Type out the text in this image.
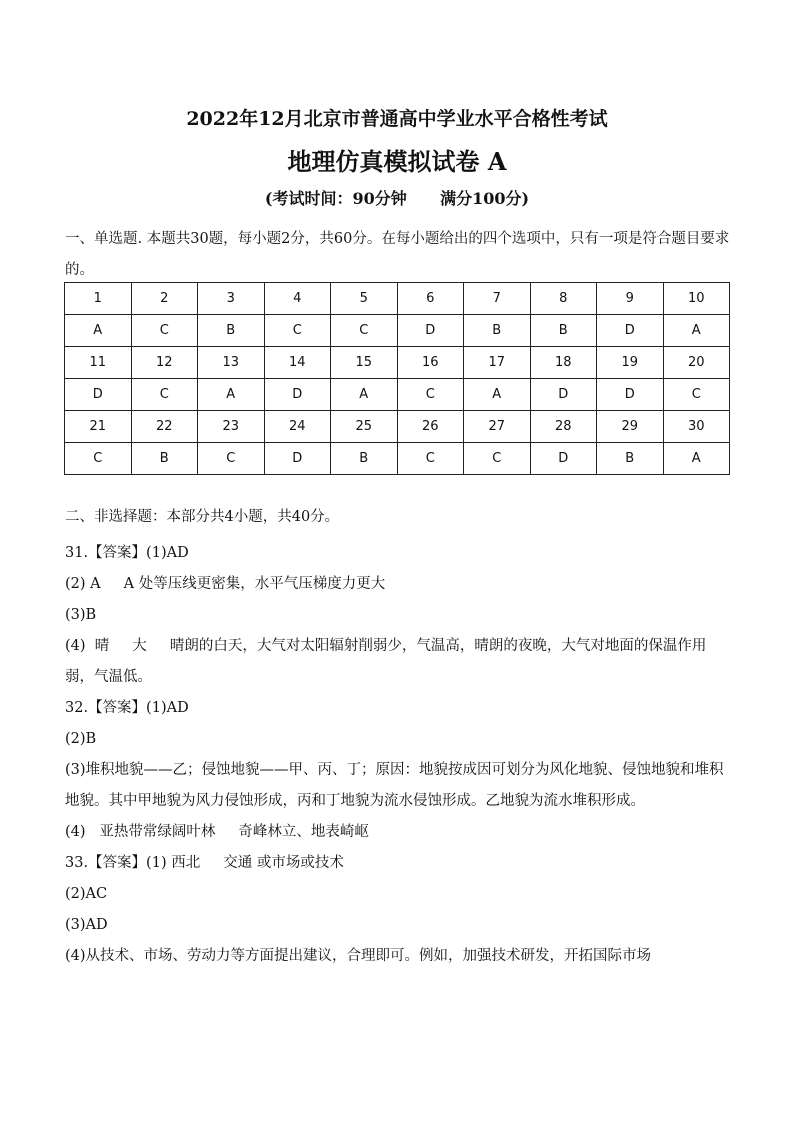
2022年12月北京市普通高中学业水平合格性考试
地理仿真模拟试卷 A
(考试时间：90分钟      满分100分)
一、单选题. 本题共30题，每小题2分，共60分。在每小题给出的四个选项中，只有一项是符合题目要求的。
1	2	3	4	5	6	7	8	9	10
A	C	B	C	C	D	B	B	D	A
11	12	13	14	15	16	17	18	19	20
D	C	A	D	A	C	A	D	D	C
21	22	23	24	25	26	27	28	29	30
C	B	C	D	B	C	C	D	B	A
二、非选择题：本部分共4小题，共40分。

31.【答案】(1)AD

(2) A     A 处等压线更密集，水平气压梯度力更大

(3)B

(4)  晴     大     晴朗的白天，大气对太阳辐射削弱少，气温高，晴朗的夜晚，大气对地面的保温作用弱，气温低。

32.【答案】(1)AD

(2)B

(3)堆积地貌——乙；侵蚀地貌——甲、丙、丁；原因：地貌按成因可划分为风化地貌、侵蚀地貌和堆积地貌。其中甲地貌为风力侵蚀形成，丙和丁地貌为流水侵蚀形成。乙地貌为流水堆积形成。

(4)   亚热带常绿阔叶林     奇峰林立、地表崎岖

33.【答案】(1) 西北     交通 或市场或技术

(2)AC

(3)AD

(4)从技术、市场、劳动力等方面提出建议，合理即可。例如，加强技术研发，开拓国际市场
